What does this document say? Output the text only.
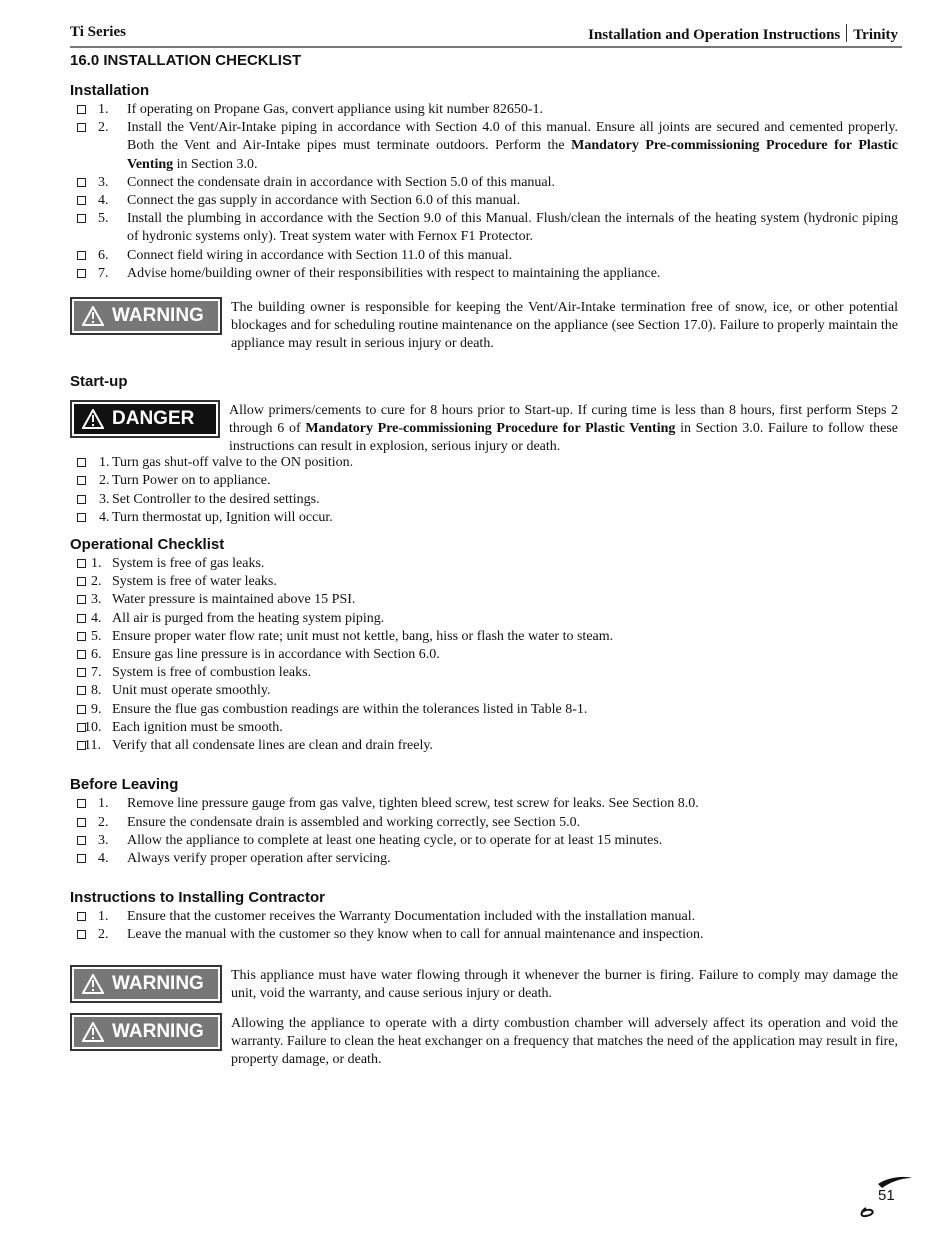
Ti Series	Installation and Operation Instructions Trinity
16.0 INSTALLATION CHECKLIST
Installation
1. If operating on Propane Gas, convert appliance using kit number 82650-1.
2. Install the Vent/Air-Intake piping in accordance with Section 4.0 of this manual. Ensure all joints are secured and cemented properly. Both the Vent and Air-Intake pipes must terminate outdoors. Perform the Mandatory Pre-commissioning Procedure for Plastic Venting in Section 3.0.
3. Connect the condensate drain in accordance with Section 5.0 of this manual.
4. Connect the gas supply in accordance with Section 6.0 of this manual.
5. Install the plumbing in accordance with the Section 9.0 of this Manual. Flush/clean the internals of the heating system (hydronic piping of hydronic systems only). Treat system water with Fernox F1 Protector.
6. Connect field wiring in accordance with Section 11.0 of this manual.
7. Advise home/building owner of their responsibilities with respect to maintaining the appliance.

WARNING The building owner is responsible for keeping the Vent/Air-Intake termination free of snow, ice, or other potential blockages and for scheduling routine maintenance on the appliance (see Section 17.0). Failure to properly maintain the appliance may result in serious injury or death.

Start-up

DANGER Allow primers/cements to cure for 8 hours prior to Start-up. If curing time is less than 8 hours, first perform Steps 2 through 6 of Mandatory Pre-commissioning Procedure for Plastic Venting in Section 3.0. Failure to follow these instructions can result in explosion, serious injury or death.

1. Turn gas shut-off valve to the ON position.
2. Turn Power on to appliance.
3. Set Controller to the desired settings.
4. Turn thermostat up, Ignition will occur.
Operational Checklist
1. System is free of gas leaks.
2. System is free of water leaks.
3. Water pressure is maintained above 15 PSI.
4. All air is purged from the heating system piping.
5. Ensure proper water flow rate; unit must not kettle, bang, hiss or flash the water to steam.
6. Ensure gas line pressure is in accordance with Section 6.0.
7. System is free of combustion leaks.
8. Unit must operate smoothly.
9. Ensure the flue gas combustion readings are within the tolerances listed in Table 8-1.
10. Each ignition must be smooth.
11. Verify that all condensate lines are clean and drain freely.
Before Leaving
1. Remove line pressure gauge from gas valve, tighten bleed screw, test screw for leaks. See Section 8.0.
2. Ensure the condensate drain is assembled and working correctly, see Section 5.0.
3. Allow the appliance to complete at least one heating cycle, or to operate for at least 15 minutes.
4. Always verify proper operation after servicing.
Instructions to Installing Contractor
1. Ensure that the customer receives the Warranty Documentation included with the installation manual.
2. Leave the manual with the customer so they know when to call for annual maintenance and inspection.

WARNING This appliance must have water flowing through it whenever the burner is firing. Failure to comply may damage the unit, void the warranty, and cause serious injury or death.

WARNING Allowing the appliance to operate with a dirty combustion chamber will adversely affect its operation and void the warranty. Failure to clean the heat exchanger on a frequency that matches the need of the application may result in fire, property damage, or death.

51
